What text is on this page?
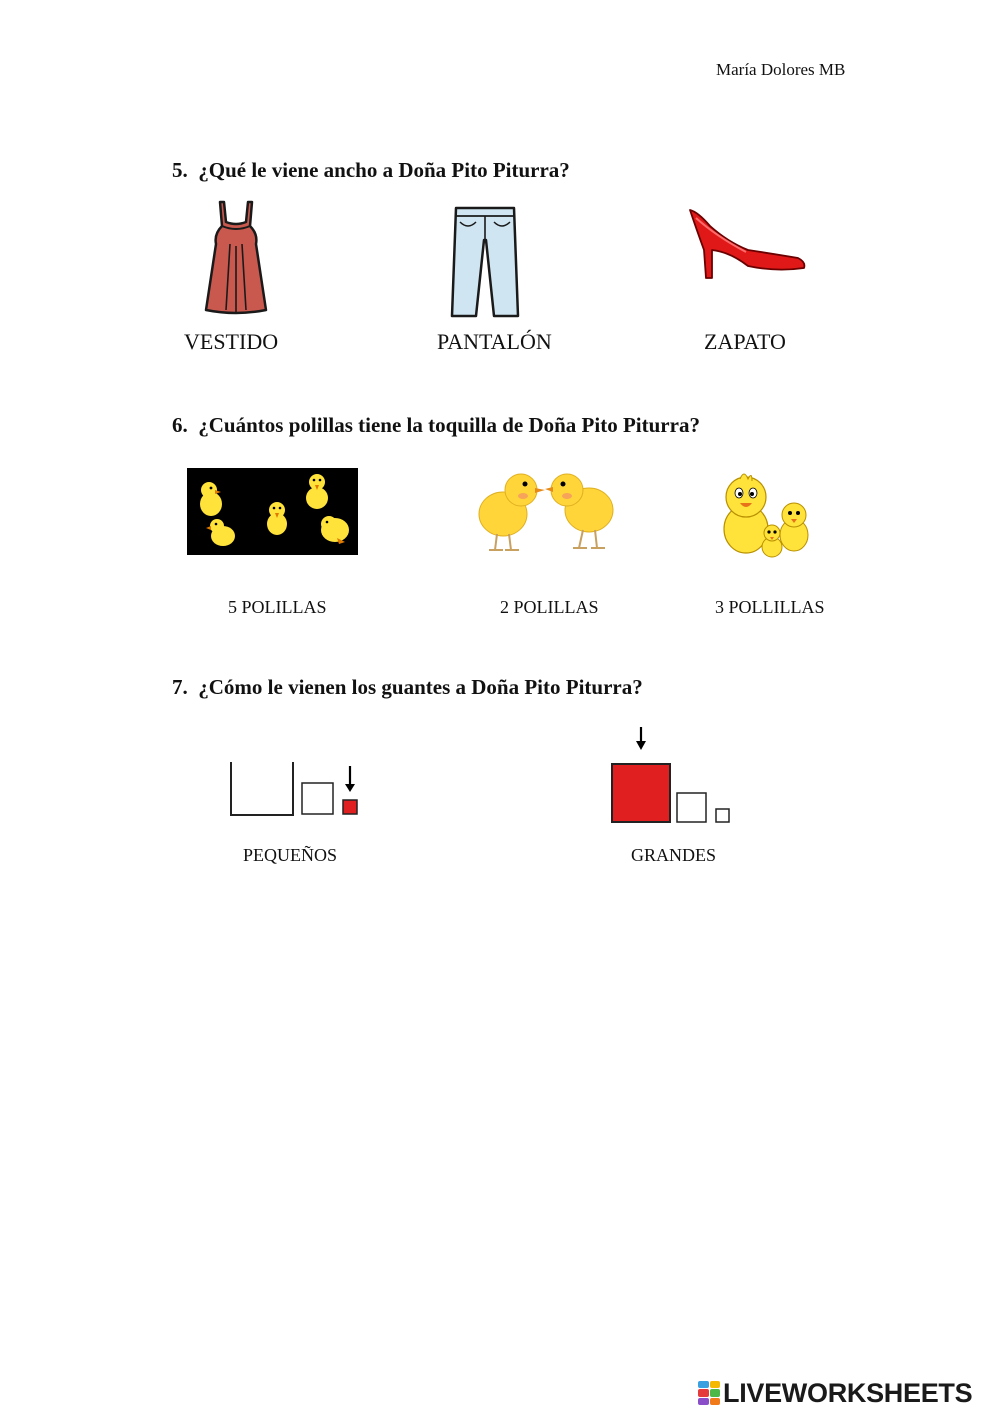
María Dolores MB
5. ¿Qué le viene ancho a Doña Pito Piturra?
VESTIDO	PANTALÓN	ZAPATO
6. ¿Cuántos polillas tiene la toquilla de Doña Pito Piturra?
5 POLILLAS	2 POLILLAS	3 POLLILLAS
7. ¿Cómo le vienen los guantes a Doña Pito Piturra?
PEQUEÑOS	GRANDES
LIVEWORKSHEETS
